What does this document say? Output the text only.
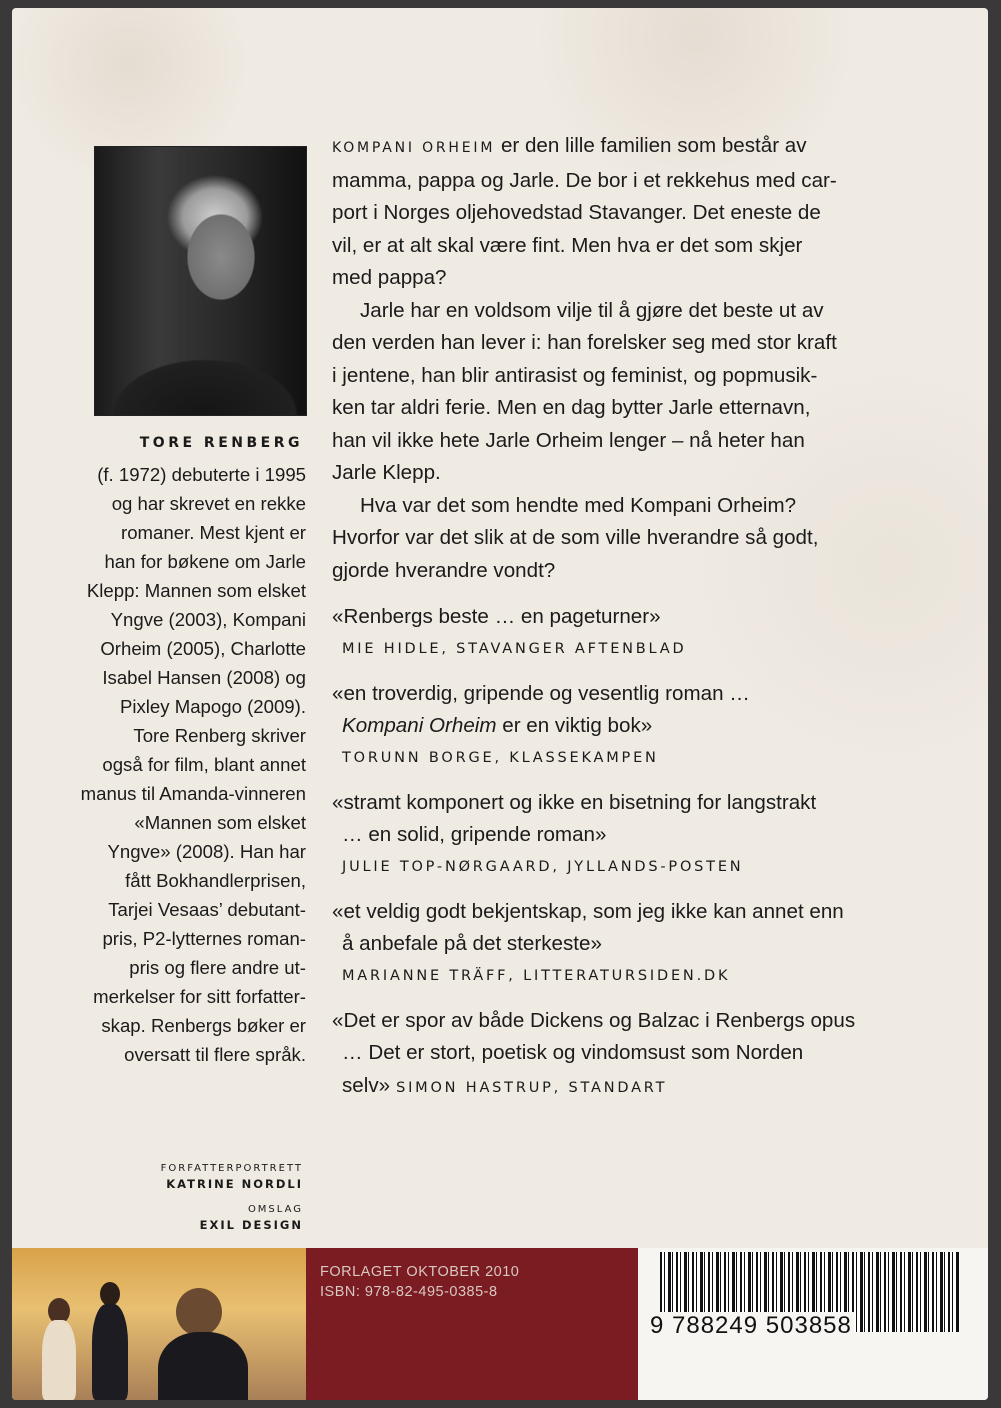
TORE RENBERG
(f. 1972) debuterte i 1995
og har skrevet en rekke
romaner. Mest kjent er
han for bøkene om Jarle
Klepp: Mannen som elsket
Yngve (2003), Kompani
Orheim (2005), Charlotte
Isabel Hansen (2008) og
Pixley Mapogo (2009).
Tore Renberg skriver
også for film, blant annet
manus til Amanda-vinneren
«Mannen som elsket
Yngve» (2008). Han har
fått Bokhandlerprisen,
Tarjei Vesaas’ debutant-
pris, P2-lytternes roman-
pris og flere andre ut-
merkelser for sitt forfatter-
skap. Renbergs bøker er
oversatt til flere språk.
FORFATTERPORTRETT
KATRINE NORDLI
OMSLAG
EXIL DESIGN
KOMPANI ORHEIM er den lille familien som består av
mamma, pappa og Jarle. De bor i et rekkehus med car-
port i Norges oljehovedstad Stavanger. Det eneste de
vil, er at alt skal være fint. Men hva er det som skjer
med pappa?
Jarle har en voldsom vilje til å gjøre det beste ut av
den verden han lever i: han forelsker seg med stor kraft
i jentene, han blir antirasist og feminist, og popmusik-
ken tar aldri ferie. Men en dag bytter Jarle etternavn,
han vil ikke hete Jarle Orheim lenger – nå heter han
Jarle Klepp.
Hva var det som hendte med Kompani Orheim?
Hvorfor var det slik at de som ville hverandre så godt,
gjorde hverandre vondt?
«Renbergs beste … en pageturner»
MIE HIDLE, STAVANGER AFTENBLAD
«en troverdig, gripende og vesentlig roman …
Kompani Orheim er en viktig bok»
TORUNN BORGE, KLASSEKAMPEN
«stramt komponert og ikke en bisetning for langstrakt
… en solid, gripende roman»
JULIE TOP-NØRGAARD, JYLLANDS-POSTEN
«et veldig godt bekjentskap, som jeg ikke kan annet enn
å anbefale på det sterkeste»
MARIANNE TRÄFF, LITTERATURSIDEN.DK
«Det er spor av både Dickens og Balzac i Renbergs opus
… Det er stort, poetisk og vindomsust som Norden
selv» SIMON HASTRUP, STANDART
FORLAGET OKTOBER 2010
ISBN: 978-82-495-0385-8
9 788249 503858
